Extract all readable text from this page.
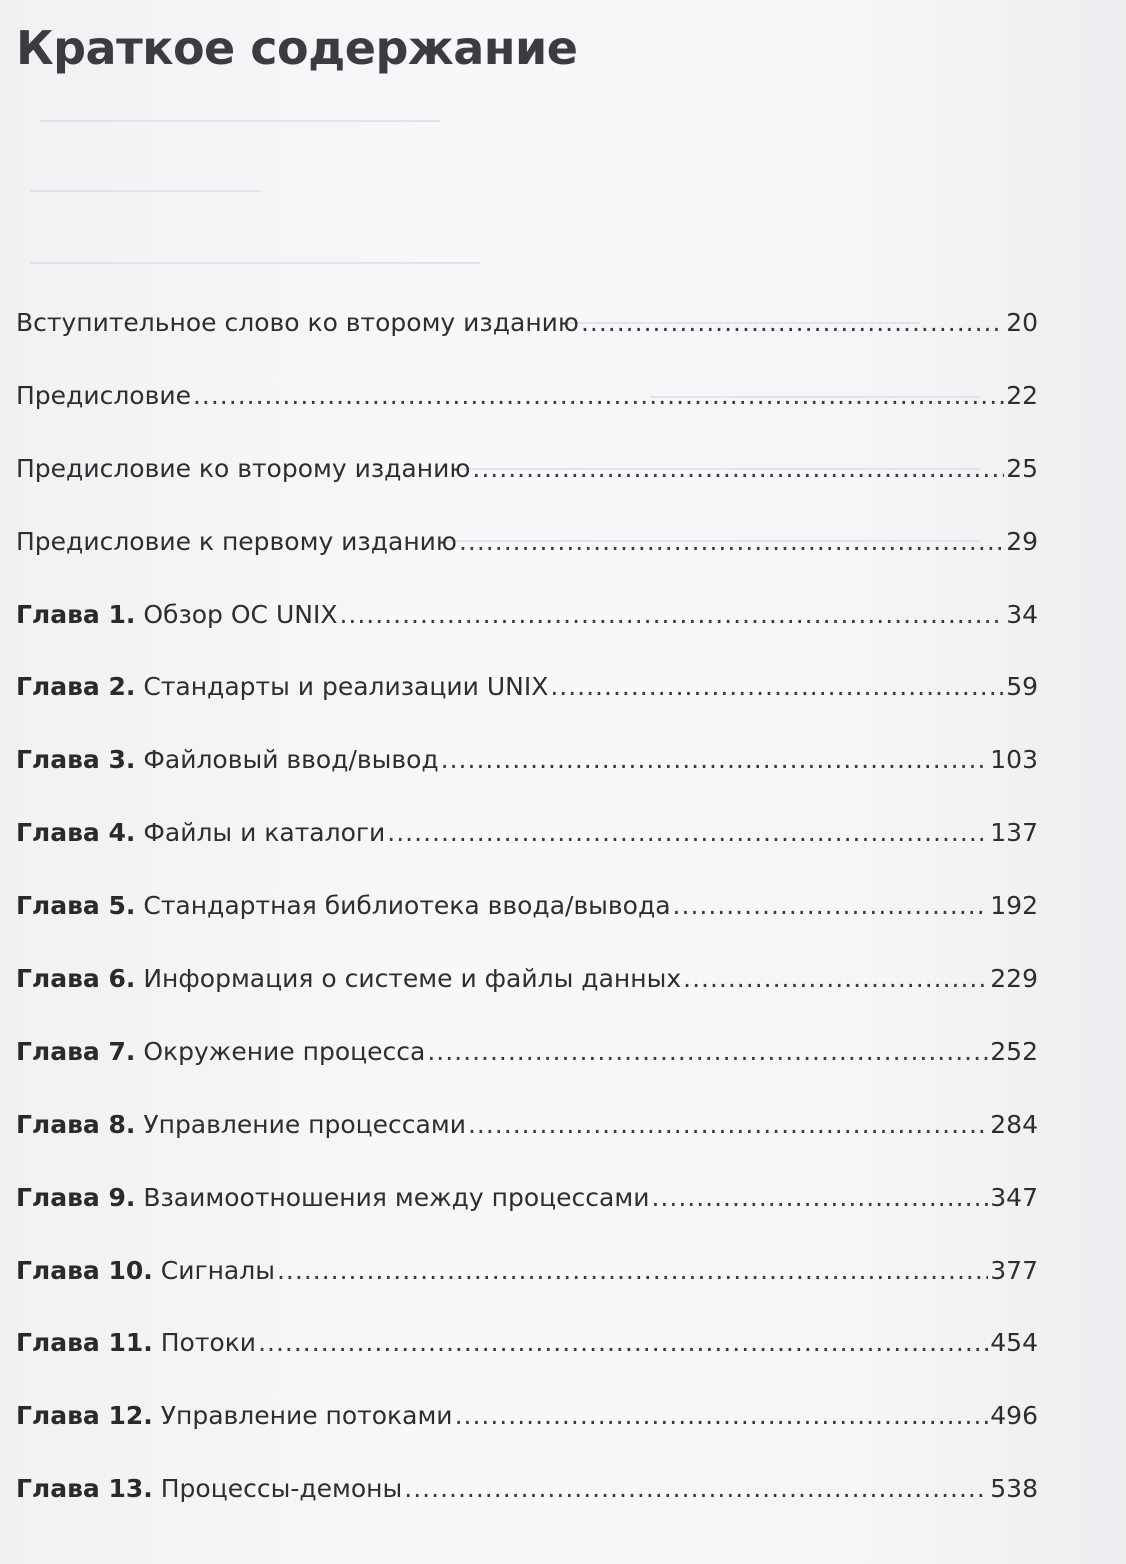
Краткое содержание
Вступительное слово ко второму изданию .....	20
Предисловие .....	22
Предисловие ко второму изданию .....	25
Предисловие к первому изданию .....	29
Глава 1. Обзор ОС UNIX .....	34
Глава 2. Стандарты и реализации UNIX .....	59
Глава 3. Файловый ввод/вывод .....	103
Глава 4. Файлы и каталоги .....	137
Глава 5. Стандартная библиотека ввода/вывода .....	192
Глава 6. Информация о системе и файлы данных .....	229
Глава 7. Окружение процесса .....	252
Глава 8. Управление процессами .....	284
Глава 9. Взаимоотношения между процессами .....	347
Глава 10. Сигналы .....	377
Глава 11. Потоки .....	454
Глава 12. Управление потоками .....	496
Глава 13. Процессы-демоны .....	538
